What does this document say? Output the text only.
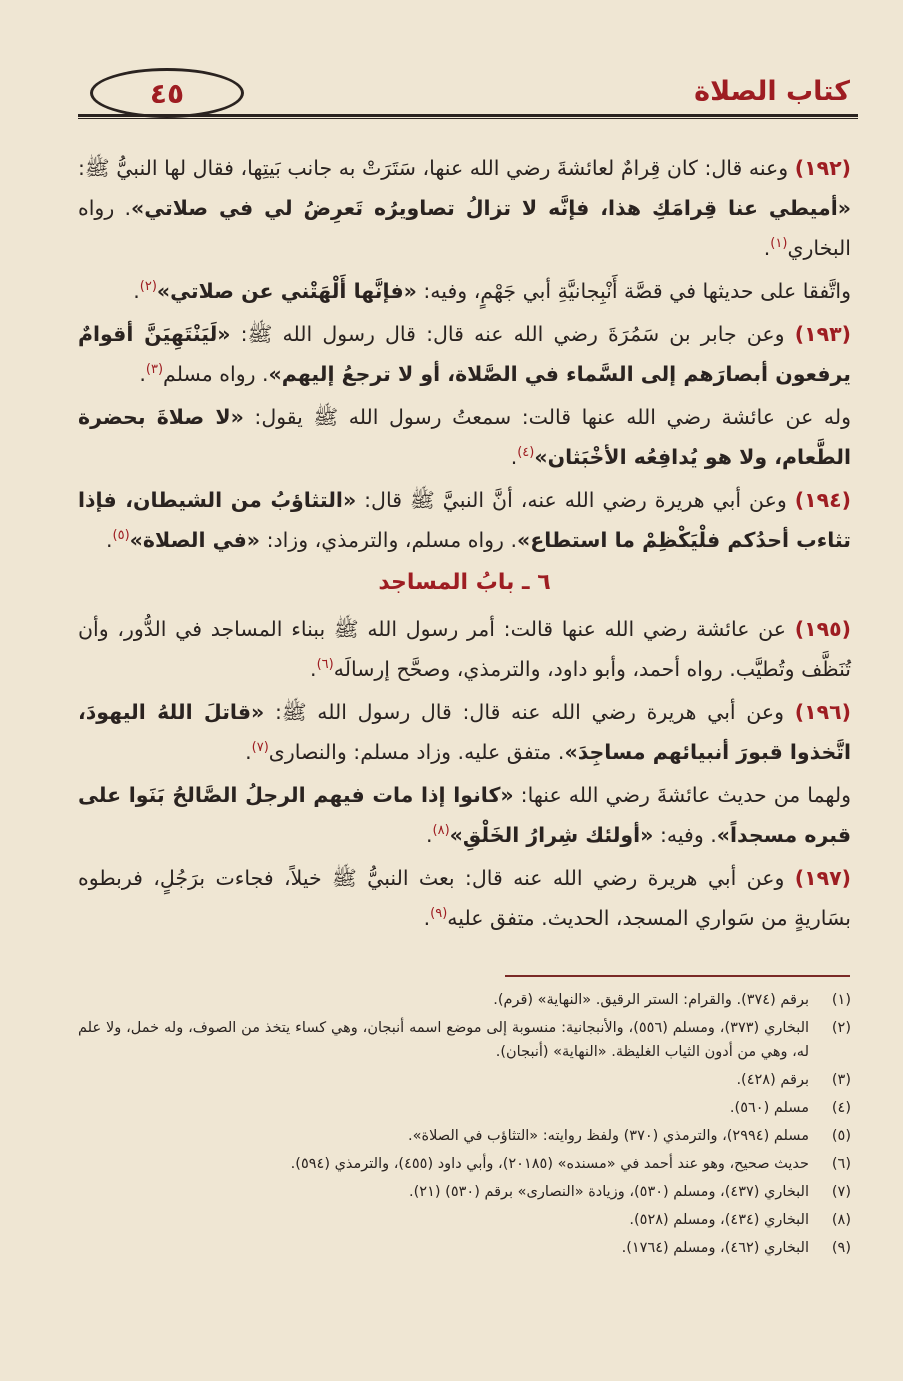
كتاب الصلاة
٤٥

(١٩٢) وعنه قال: كان قِرامٌ لعائشةَ رضي الله عنها، سَتَرَتْ به جانب بَيتِها، فقال لها النبيُّ ﷺ: «أميطي عنا قِرامَكِ هذا، فإنَّه لا تزالُ تصاويرُه تَعرِضُ لي في صلاتي». رواه البخاري$^{(١)}$.

واتَّفقا على حديثها في قصَّة أَنْبِجانيَّةِ أبي جَهْمٍ، وفيه: «فإنَّها أَلْهَتْني عن صلاتي»$^{(٢)}$.

(١٩٣) وعن جابر بن سَمُرَةَ رضي الله عنه قال: قال رسول الله ﷺ: «لَيَنْتَهِيَنَّ أقوامٌ يرفعون أبصارَهم إلى السَّماء في الصَّلاة، أو لا ترجعُ إليهم». رواه مسلم$^{(٣)}$.

وله عن عائشة رضي الله عنها قالت: سمعتُ رسول الله ﷺ يقول: «لا صلاةَ بحضرة الطَّعام، ولا هو يُدافِعُه الأخْبَثان»$^{(٤)}$.

(١٩٤) وعن أبي هريرة رضي الله عنه، أنَّ النبيَّ ﷺ قال: «التثاؤبُ من الشيطان، فإذا تثاءب أحدُكم فلْيَكْظِمْ ما استطاع». رواه مسلم، والترمذي، وزاد: «في الصلاة»$^{(٥)}$.

٦ ـ بابُ المساجد

(١٩٥) عن عائشة رضي الله عنها قالت: أمر رسول الله ﷺ ببناء المساجد في الدُّور، وأن تُنَظَّف وتُطيَّب. رواه أحمد، وأبو داود، والترمذي، وصحَّح إرسالَه$^{(٦)}$.

(١٩٦) وعن أبي هريرة رضي الله عنه قال: قال رسول الله ﷺ: «قاتلَ اللهُ اليهودَ، اتَّخذوا قبورَ أنبيائهم مساجِدَ». متفق عليه. وزاد مسلم: والنصارى$^{(٧)}$.

ولهما من حديث عائشةَ رضي الله عنها: «كانوا إذا مات فيهم الرجلُ الصَّالحُ بَنَوا على قبره مسجداً». وفيه: «أولئك شِرارُ الخَلْقِ»$^{(٨)}$.

(١٩٧) وعن أبي هريرة رضي الله عنه قال: بعث النبيُّ ﷺ خيلاً، فجاءت برَجُلٍ، فربطوه بسَاريةٍ من سَواري المسجد، الحديث. متفق عليه$^{(٩)}$.

(١)
برقم (٣٧٤). والقرام: الستر الرقيق. «النهاية» (قرم).
(٢)
البخاري (٣٧٣)، ومسلم (٥٥٦)، والأنبجانية: منسوبة إلى موضع اسمه أنبجان، وهي كساء يتخذ من الصوف، وله خمل، ولا علم له، وهي من أدون الثياب الغليظة. «النهاية» (أنبجان).
(٣)
برقم (٤٢٨).
(٤)
مسلم (٥٦٠).
(٥)
مسلم (٢٩٩٤)، والترمذي (٣٧٠) ولفظ روايته: «التثاؤب في الصلاة».
(٦)
حديث صحيح، وهو عند أحمد في «مسنده» (٢٠١٨٥)، وأبي داود (٤٥٥)، والترمذي (٥٩٤).
(٧)
البخاري (٤٣٧)، ومسلم (٥٣٠)، وزيادة «النصارى» برقم (٥٣٠) (٢١).
(٨)
البخاري (٤٣٤)، ومسلم (٥٢٨).
(٩)
البخاري (٤٦٢)، ومسلم (١٧٦٤).
